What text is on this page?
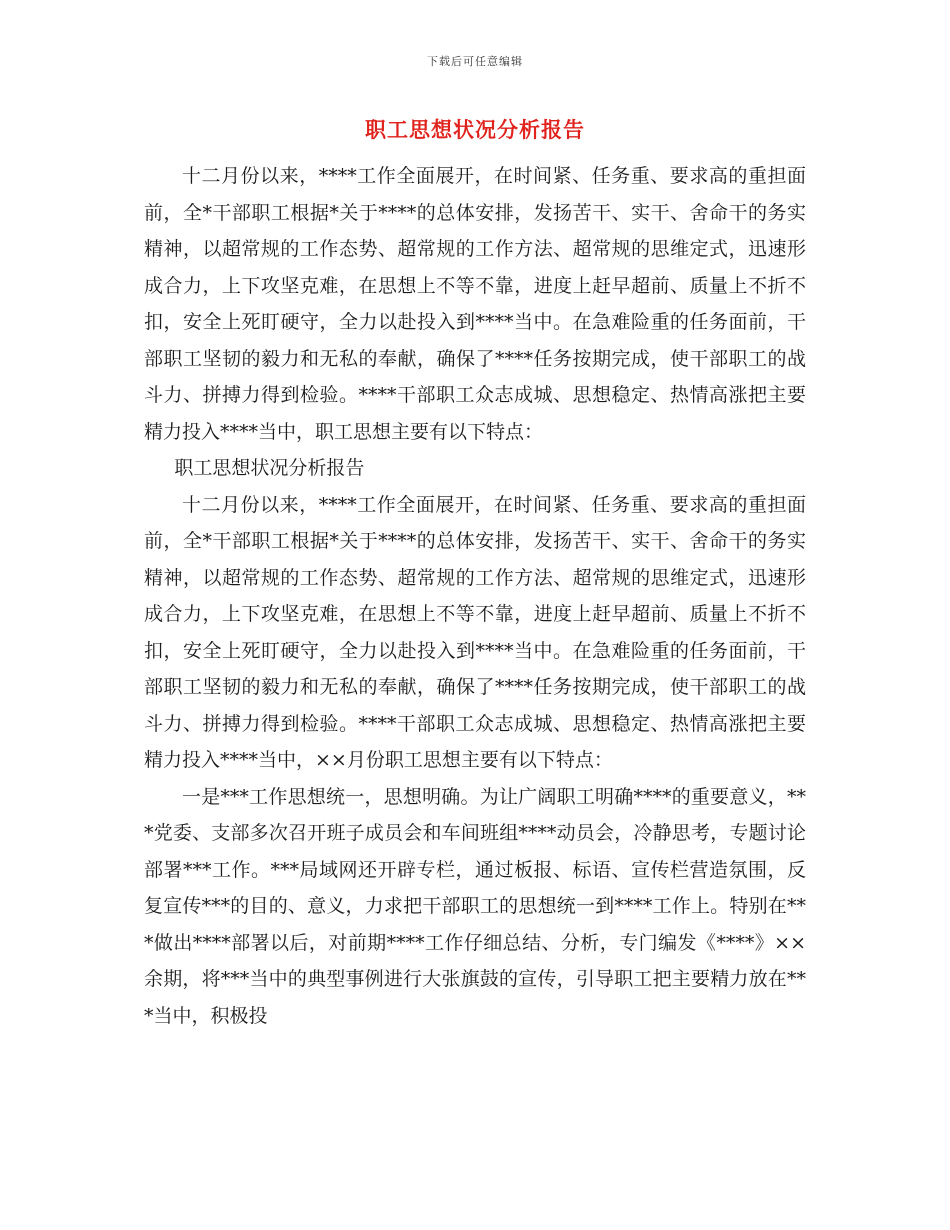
下载后可任意编辑
职工思想状况分析报告

十二月份以来，****工作全面展开，在时间紧、任务重、要求高的重担面前，全*干部职工根据*关于****的总体安排，发扬苦干、实干、舍命干的务实精神，以超常规的工作态势、超常规的工作方法、超常规的思维定式，迅速形成合力，上下攻坚克难，在思想上不等不靠，进度上赶早超前、质量上不折不扣，安全上死盯硬守，全力以赴投入到****当中。在急难险重的任务面前，干部职工坚韧的毅力和无私的奉献，确保了****任务按期完成，使干部职工的战斗力、拼搏力得到检验。****干部职工众志成城、思想稳定、热情高涨把主要精力投入****当中，职工思想主要有以下特点：

职工思想状况分析报告

十二月份以来，****工作全面展开，在时间紧、任务重、要求高的重担面前，全*干部职工根据*关于****的总体安排，发扬苦干、实干、舍命干的务实精神，以超常规的工作态势、超常规的工作方法、超常规的思维定式，迅速形成合力，上下攻坚克难，在思想上不等不靠，进度上赶早超前、质量上不折不扣，安全上死盯硬守，全力以赴投入到****当中。在急难险重的任务面前，干部职工坚韧的毅力和无私的奉献，确保了****任务按期完成，使干部职工的战斗力、拼搏力得到检验。****干部职工众志成城、思想稳定、热情高涨把主要精力投入****当中，××月份职工思想主要有以下特点：

一是***工作思想统一，思想明确。为让广阔职工明确****的重要意义，***党委、支部多次召开班子成员会和车间班组****动员会，冷静思考，专题讨论部署***工作。***局域网还开辟专栏，通过板报、标语、宣传栏营造氛围，反复宣传***的目的、意义，力求把干部职工的思想统一到****工作上。特别在***做出****部署以后，对前期****工作仔细总结、分析，专门编发《****》××余期，将***当中的典型事例进行大张旗鼓的宣传，引导职工把主要精力放在***当中，积极投
